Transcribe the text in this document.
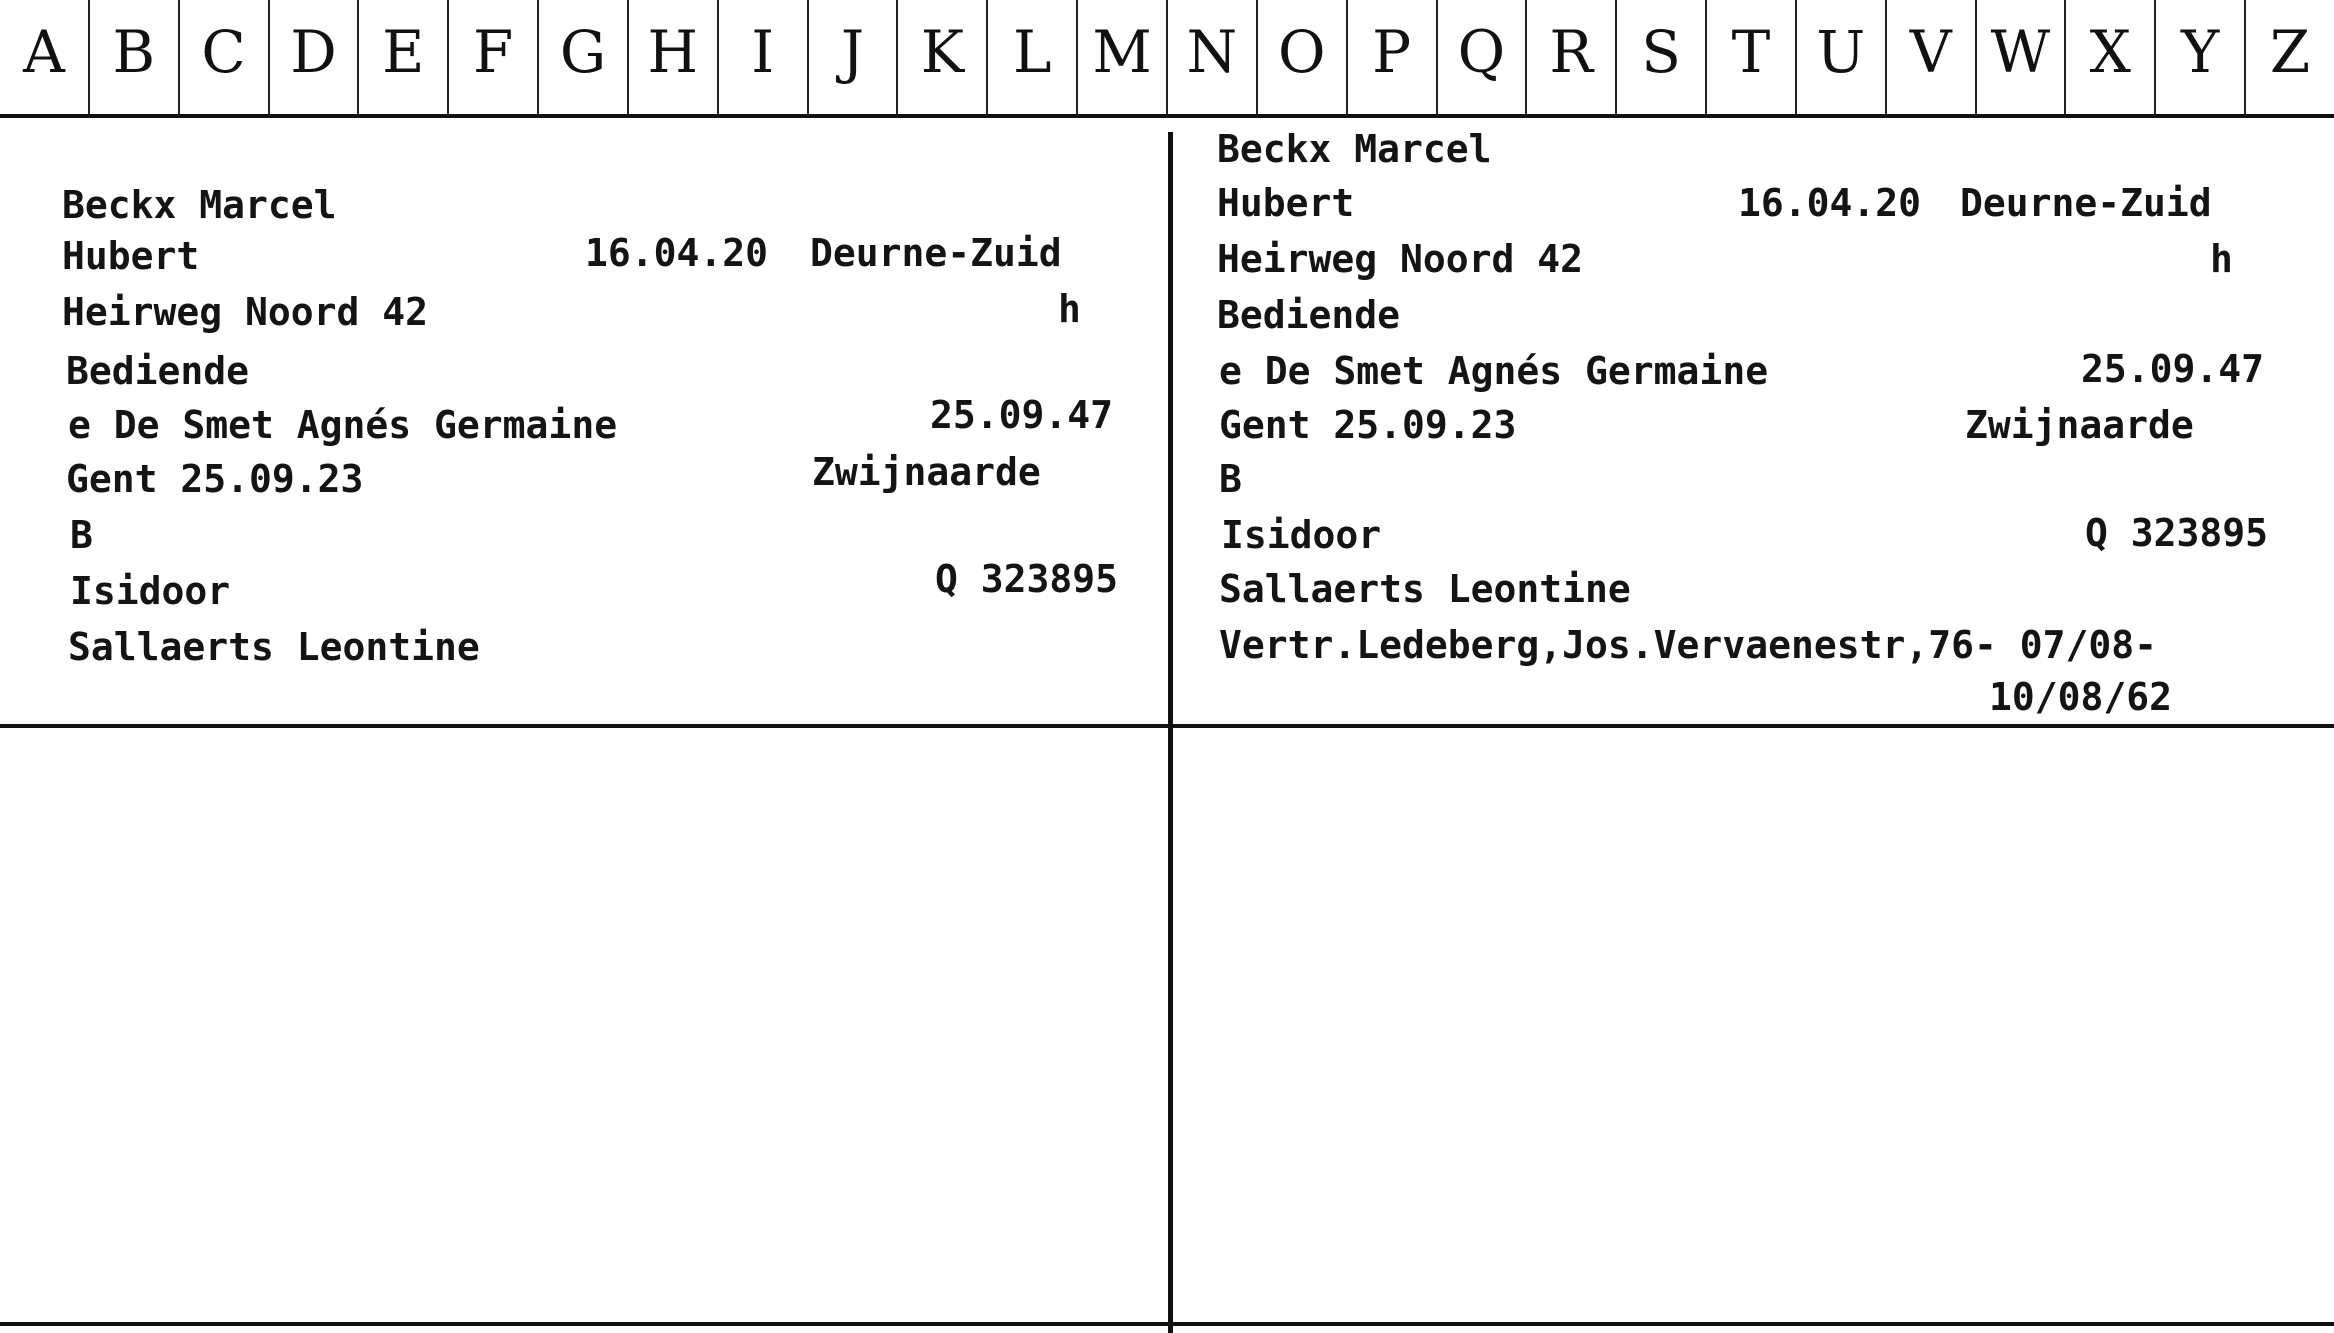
A B C D E F G H I	J K L M N O P Q R S T U V W X Y Z
Beckx Marcel
Hubert	16.04.20 Deurne-Zuid
Heirweg Noord 42	h
Bediende
e De Smet Agnés Germaine	25.09.47
Gent 25.09.23	Zwijnaarde
B
Isidoor	Q 323895
Sallaerts Leontine
Beckx Marcel
Hubert	16.04.20 Deurne-Zuid
Heirweg Noord 42	h
Bediende
e De Smet Agnés Germaine	25.09.47
Gent 25.09.23	Zwijnaarde
B
Isidoor	Q 323895
Sallaerts Leontine
Vertr.Ledeberg,Jos.Vervaenestr,76- 07/08-
10/08/62
